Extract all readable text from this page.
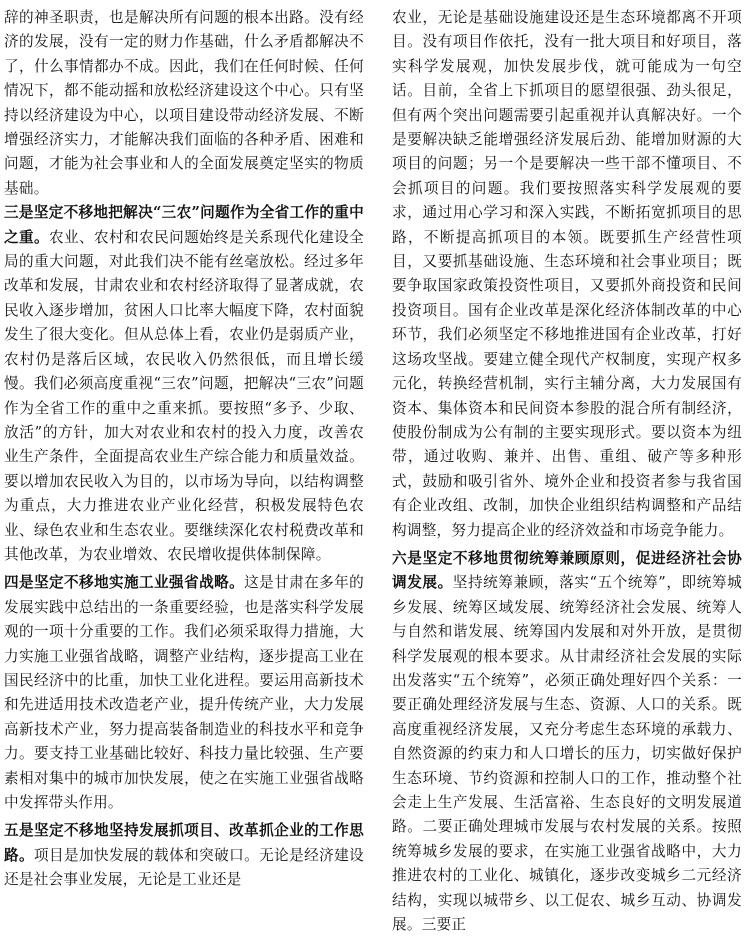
辞的神圣职责，也是解决所有问题的根本出路。没有经济的发展，没有一定的财力作基础，什么矛盾都解决不了，什么事情都办不成。因此，我们在任何时候、任何情况下，都不能动摇和放松经济建设这个中心。只有坚持以经济建设为中心，以项目建设带动经济发展、不断增强经济实力，才能解决我们面临的各种矛盾、困难和问题，才能为社会事业和人的全面发展奠定坚实的物质基础。

三是坚定不移地把解决“三农”问题作为全省工作的重中之重。农业、农村和农民问题始终是关系现代化建设全局的重大问题，对此我们决不能有丝毫放松。经过多年改革和发展，甘肃农业和农村经济取得了显著成就，农民收入逐步增加，贫困人口比率大幅度下降，农村面貌发生了很大变化。但从总体上看，农业仍是弱质产业，农村仍是落后区域，农民收入仍然很低，而且增长缓慢。我们必须高度重视“三农”问题，把解决“三农”问题作为全省工作的重中之重来抓。要按照“多予、少取、放活”的方针，加大对农业和农村的投入力度，改善农业生产条件，全面提高农业生产综合能力和质量效益。要以增加农民收入为目的，以市场为导向，以结构调整为重点，大力推进农业产业化经营，积极发展特色农业、绿色农业和生态农业。要继续深化农村税费改革和其他改革，为农业增效、农民增收提供体制保障。

四是坚定不移地实施工业强省战略。这是甘肃在多年的发展实践中总结出的一条重要经验，也是落实科学发展观的一项十分重要的工作。我们必须采取得力措施，大力实施工业强省战略，调整产业结构，逐步提高工业在国民经济中的比重，加快工业化进程。要运用高新技术和先进适用技术改造老产业，提升传统产业，大力发展高新技术产业，努力提高装备制造业的科技水平和竞争力。要支持工业基础比较好、科技力量比较强、生产要素相对集中的城市加快发展，使之在实施工业强省战略中发挥带头作用。

五是坚定不移地坚持发展抓项目、改革抓企业的工作思路。项目是加快发展的载体和突破口。无论是经济建设还是社会事业发展，无论是工业还是

农业，无论是基础设施建设还是生态环境都离不开项目。没有项目作依托，没有一批大项目和好项目，落实科学发展观，加快发展步伐，就可能成为一句空话。目前，全省上下抓项目的愿望很强、劲头很足，但有两个突出问题需要引起重视并认真解决好。一个是要解决缺乏能增强经济发展后劲、能增加财源的大项目的问题；另一个是要解决一些干部不懂项目、不会抓项目的问题。我们要按照落实科学发展观的要求，通过用心学习和深入实践，不断拓宽抓项目的思路，不断提高抓项目的本领。既要抓生产经营性项目，又要抓基础设施、生态环境和社会事业项目；既要争取国家政策投资性项目，又要抓外商投资和民间投资项目。国有企业改革是深化经济体制改革的中心环节，我们必须坚定不移地推进国有企业改革，打好这场攻坚战。要建立健全现代产权制度，实现产权多元化，转换经营机制，实行主辅分离，大力发展国有资本、集体资本和民间资本参股的混合所有制经济，使股份制成为公有制的主要实现形式。要以资本为纽带，通过收购、兼并、出售、重组、破产等多种形式，鼓励和吸引省外、境外企业和投资者参与我省国有企业改组、改制，加快企业组织结构调整和产品结构调整，努力提高企业的经济效益和市场竞争能力。

六是坚定不移地贯彻统筹兼顾原则，促进经济社会协调发展。坚持统筹兼顾，落实“五个统筹”，即统筹城乡发展、统筹区域发展、统筹经济社会发展、统筹人与自然和谐发展、统筹国内发展和对外开放，是贯彻科学发展观的根本要求。从甘肃经济社会发展的实际出发落实“五个统筹”，必须正确处理好四个关系：一要正确处理经济发展与生态、资源、人口的关系。既高度重视经济发展，又充分考虑生态环境的承载力、自然资源的约束力和人口增长的压力，切实做好保护生态环境、节约资源和控制人口的工作，推动整个社会走上生产发展、生活富裕、生态良好的文明发展道路。二要正确处理城市发展与农村发展的关系。按照统筹城乡发展的要求，在实施工业强省战略中，大力推进农村的工业化、城镇化，逐步改变城乡二元经济结构，实现以城带乡、以工促农、城乡互动、协调发展。三要正
